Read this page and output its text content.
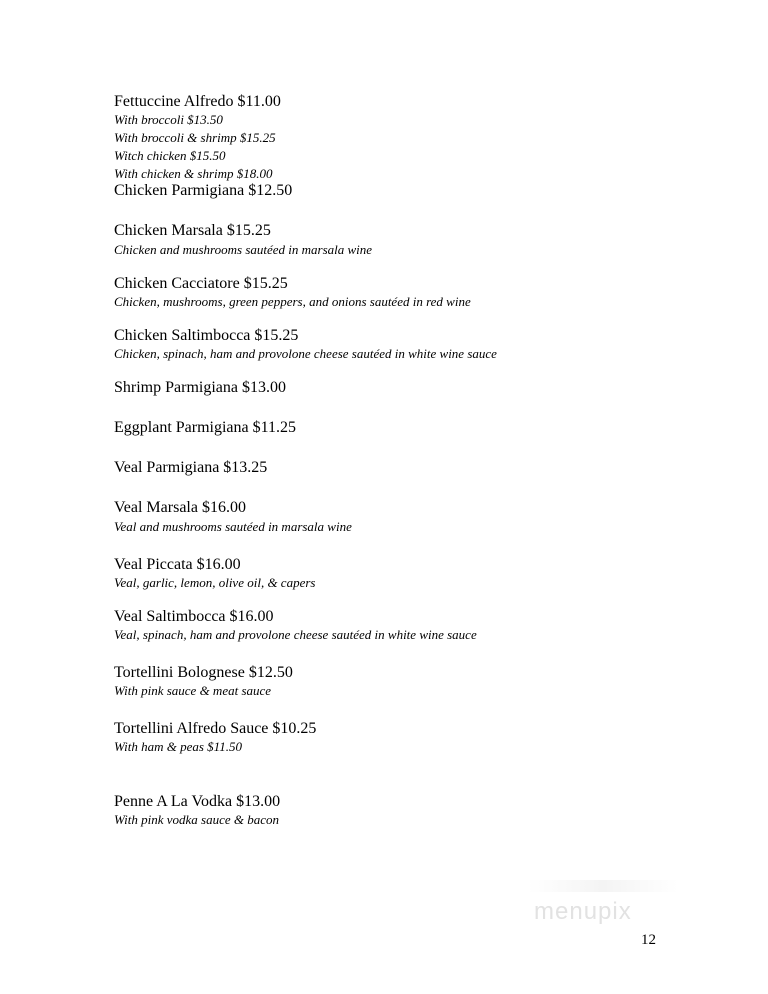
Fettuccine Alfredo $11.00
With broccoli $13.50
With broccoli & shrimp $15.25
Witch chicken $15.50
With chicken & shrimp $18.00
Chicken Parmigiana $12.50
Chicken Marsala $15.25
Chicken and mushrooms sautéed in marsala wine
Chicken Cacciatore $15.25
Chicken, mushrooms, green peppers, and onions sautéed in red wine
Chicken Saltimbocca $15.25
Chicken, spinach, ham and provolone cheese sautéed in white wine sauce
Shrimp Parmigiana $13.00
Eggplant Parmigiana $11.25
Veal Parmigiana $13.25
Veal Marsala $16.00
Veal and mushrooms sautéed in marsala wine
Veal Piccata $16.00
Veal, garlic, lemon, olive oil, & capers
Veal Saltimbocca $16.00
Veal, spinach, ham and provolone cheese sautéed in white wine sauce
Tortellini Bolognese $12.50
With pink sauce & meat sauce
Tortellini Alfredo Sauce $10.25
With ham & peas $11.50
Penne A La Vodka $13.00
With pink vodka sauce & bacon
menupix
12
